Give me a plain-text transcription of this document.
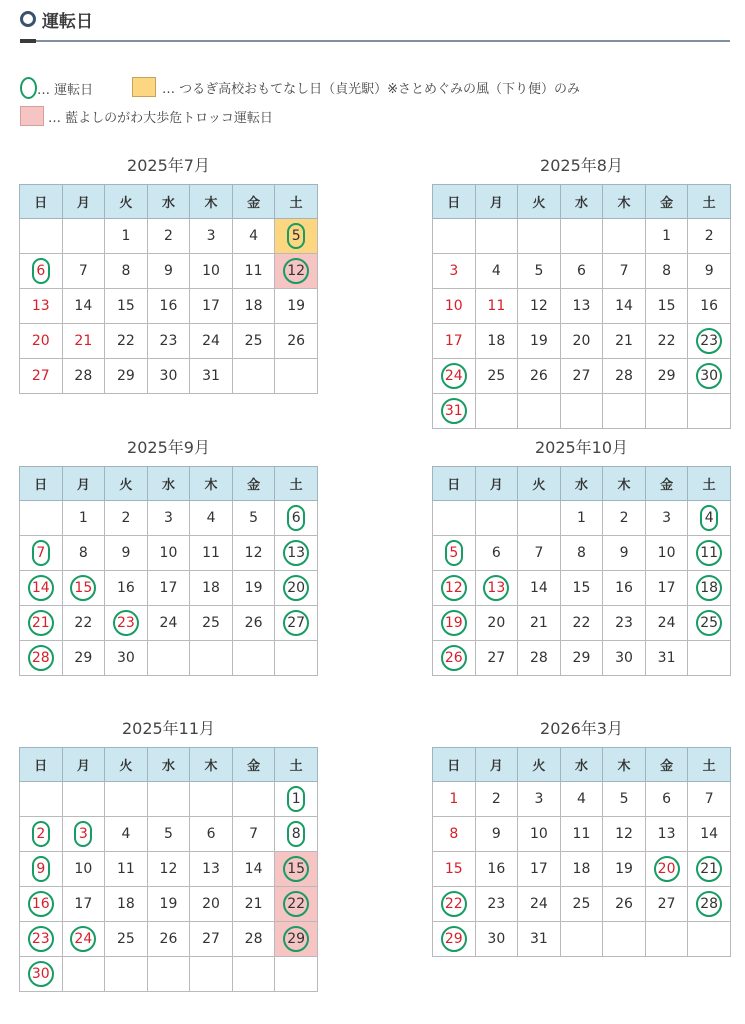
運転日
… 運転日	… つるぎ高校おもてなし日（貞光駅）※さとめぐみの風（下り便）のみ
… 藍よしのがわ大歩危トロッコ運転日
2025年7月
日	月	火	水	木	金	土
		1	2	3	4	5
6	7	8	9	10	11	12
13	14	15	16	17	18	19
20	21	22	23	24	25	26
27	28	29	30	31		
2025年8月
日	月	火	水	木	金	土
					1	2
3	4	5	6	7	8	9
10	11	12	13	14	15	16
17	18	19	20	21	22	23
24	25	26	27	28	29	30
31						
2025年9月
日	月	火	水	木	金	土
	1	2	3	4	5	6
7	8	9	10	11	12	13
14	15	16	17	18	19	20
21	22	23	24	25	26	27
28	29	30				
2025年10月
日	月	火	水	木	金	土
			1	2	3	4
5	6	7	8	9	10	11
12	13	14	15	16	17	18
19	20	21	22	23	24	25
26	27	28	29	30	31	
2025年11月
日	月	火	水	木	金	土
						1
2	3	4	5	6	7	8
9	10	11	12	13	14	15
16	17	18	19	20	21	22
23	24	25	26	27	28	29
30						
2026年3月
日	月	火	水	木	金	土
1	2	3	4	5	6	7
8	9	10	11	12	13	14
15	16	17	18	19	20	21
22	23	24	25	26	27	28
29	30	31				
